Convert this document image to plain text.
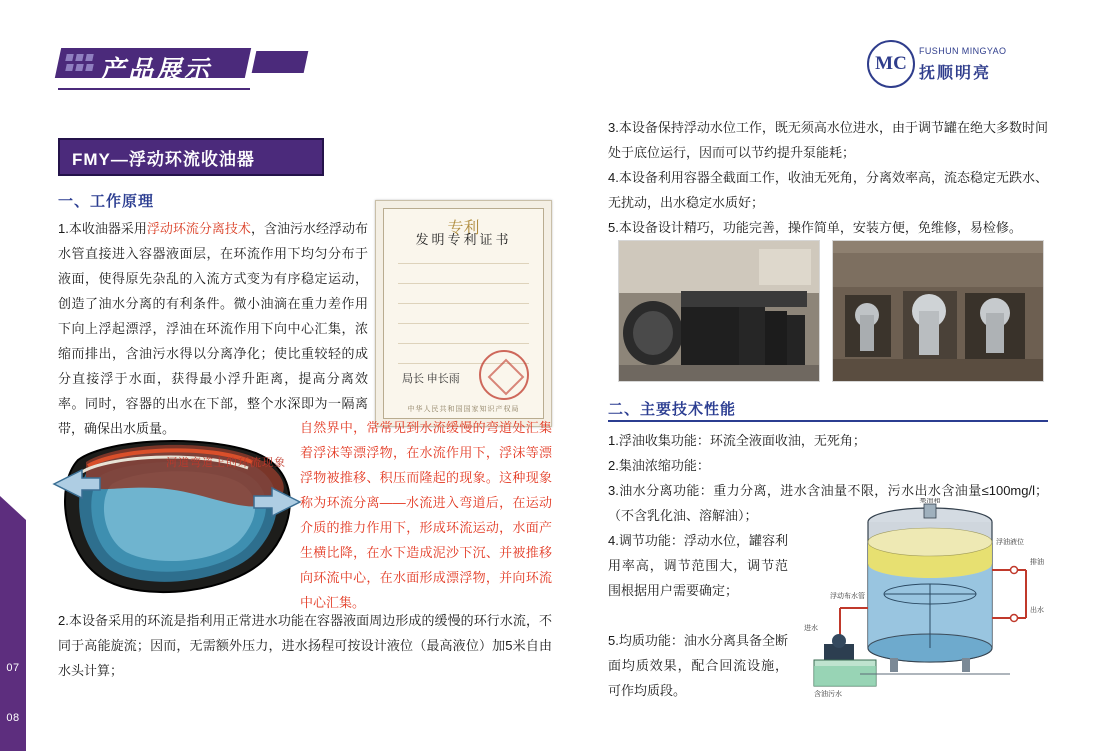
07
08
产品展示	MC
FUSHUN MINGYAO
抚顺明亮
FMY—浮动环流收油器
一、工作原理
1.本收油器采用浮动环流分离技术，含油污水经浮动布水管直接进入容器液面层，在环流作用下均匀分布于液面，使得原先杂乱的入流方式变为有序稳定运动，创造了油水分离的有利条件。微小油滴在重力差作用下向上浮起漂浮，浮油在环流作用下向中心汇集，浓缩而排出，含油污水得以分离净化；使比重较轻的成分直接浮于水面，获得最小浮升距离，提高分离效率。同时，容器的出水在下部，整个水深即为一隔离带，确保出水质量。
专利
发明专利证书
局长 申长雨
中华人民共和国国家知识产权局
河道弯道上的环流现象
自然界中，常常见到水流缓慢的弯道处汇集着浮沫等漂浮物，在水流作用下，浮沫等漂浮物被推移、积压而隆起的现象。这种现象称为环流分离——水流进入弯道后，在运动介质的推力作用下，形成环流运动，水面产生横比降，在水下造成泥沙下沉、并被推移向环流中心，在水面形成漂浮物，并向环流中心汇集。
2.本设备采用的环流是指利用正常进水功能在容器液面周边形成的缓慢的环行水流，不同于高能旋流；因而，无需额外压力，进水扬程可按设计液位（最高液位）加5米自由水头计算；
3.本设备保持浮动水位工作，既无须高水位进水，由于调节罐在绝大多数时间处于底位运行，因而可以节约提升泵能耗；
4.本设备利用容器全截面工作，收油无死角，分离效率高，流态稳定无跌水、无扰动，出水稳定水质好；
5.本设备设计精巧，功能完善，操作简单，安装方便，免维修，易检修。
二、主要技术性能
1.浮油收集功能：环流全液面收油，无死角；
2.集油浓缩功能：
3.油水分离功能：重力分离，进水含油量不限，污水出水含油量≤100mg/l；（不含乳化油、溶解油）；
4.调节功能：浮动水位，罐容利用率高，调节范围大，调节范围根据用户需要确定；
5.均质功能：油水分离具备全断面均质效果，配合回流设施，可作均质段。
集油箱
浮动布水管
进水
排油
出水
浮油液位
含油污水
